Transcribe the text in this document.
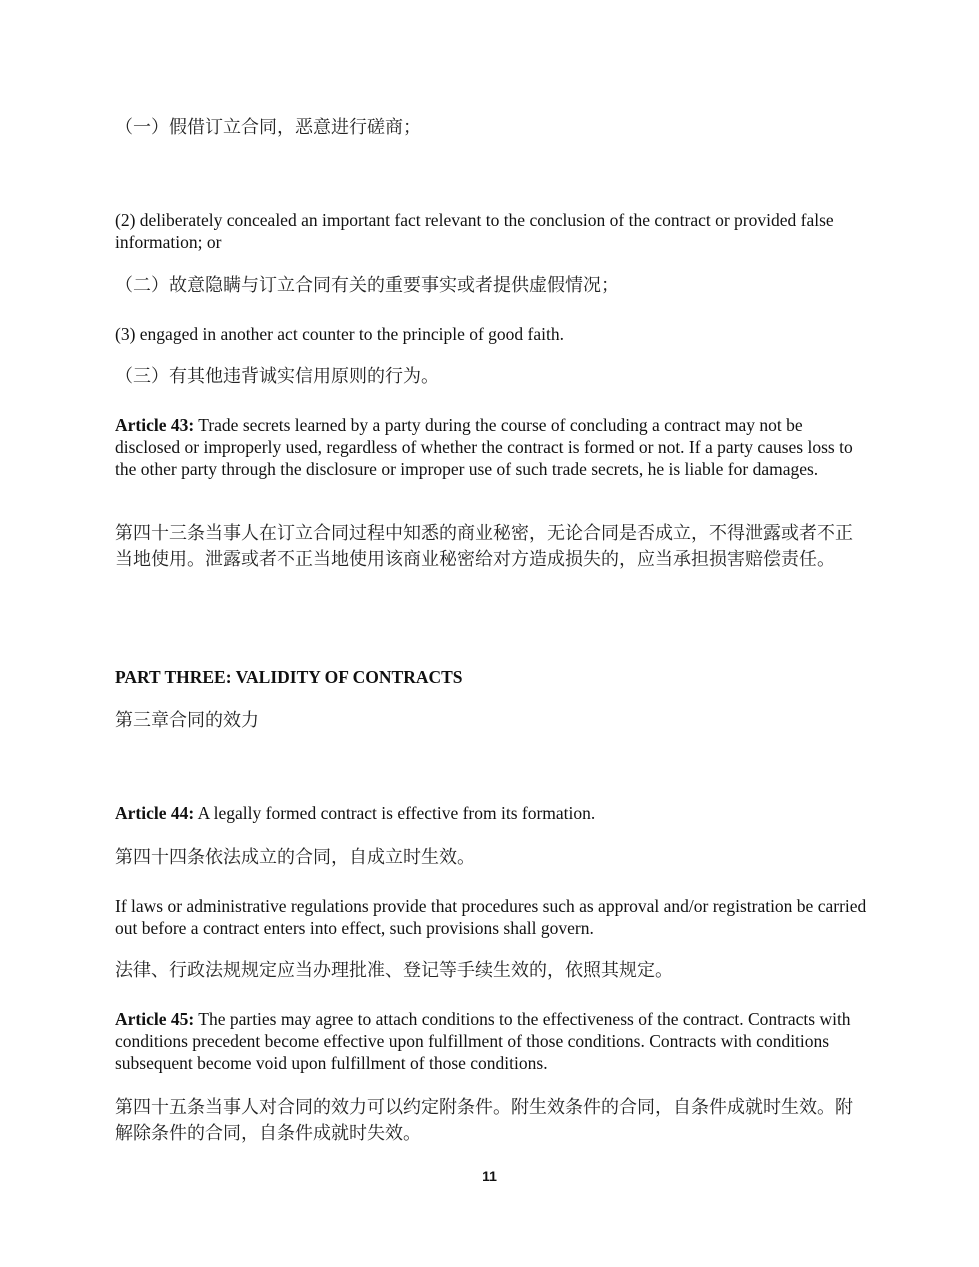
（一）假借订立合同，恶意进行磋商；
(2) deliberately concealed an important fact relevant to the conclusion of the contract or provided false information; or
（二）故意隐瞒与订立合同有关的重要事实或者提供虚假情况；
(3) engaged in another act counter to the principle of good faith.
（三）有其他违背诚实信用原则的行为。
Article 43: Trade secrets learned by a party during the course of concluding a contract may not be disclosed or improperly used, regardless of whether the contract is formed or not. If a party causes loss to the other party through the disclosure or improper use of such trade secrets, he is liable for damages.
第四十三条当事人在订立合同过程中知悉的商业秘密，无论合同是否成立，不得泄露或者不正当地使用。泄露或者不正当地使用该商业秘密给对方造成损失的，应当承担损害赔偿责任。
PART THREE: VALIDITY OF CONTRACTS
第三章合同的效力
Article 44: A legally formed contract is effective from its formation.
第四十四条依法成立的合同，自成立时生效。
If laws or administrative regulations provide that procedures such as approval and/or registration be carried out before a contract enters into effect, such provisions shall govern.
法律、行政法规规定应当办理批准、登记等手续生效的，依照其规定。
Article 45: The parties may agree to attach conditions to the effectiveness of the contract. Contracts with conditions precedent become effective upon fulfillment of those conditions. Contracts with conditions subsequent become void upon fulfillment of those conditions.
第四十五条当事人对合同的效力可以约定附条件。附生效条件的合同，自条件成就时生效。附解除条件的合同，自条件成就时失效。
11
